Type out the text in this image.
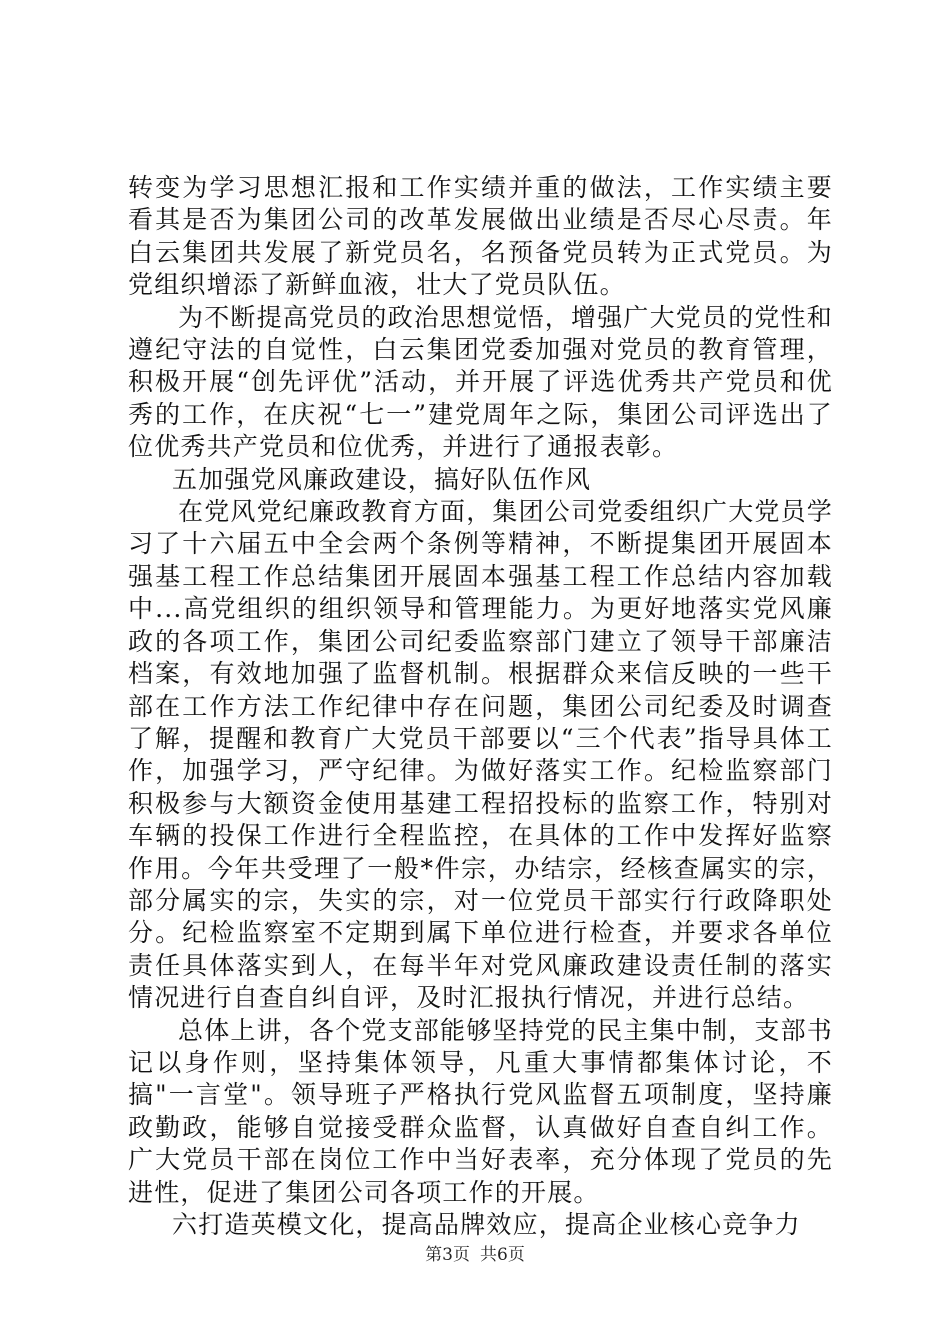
转变为学习思想汇报和工作实绩并重的做法，工作实绩主要看其是否为集团公司的改革发展做出业绩是否尽心尽责。年白云集团共发展了新党员名，名预备党员转为正式党员。为党组织增添了新鲜血液，壮大了党员队伍。

为不断提高党员的政治思想觉悟，增强广大党员的党性和遵纪守法的自觉性，白云集团党委加强对党员的教育管理，积极开展“创先评优”活动，并开展了评选优秀共产党员和优秀的工作，在庆祝“七一”建党周年之际，集团公司评选出了位优秀共产党员和位优秀，并进行了通报表彰。

五加强党风廉政建设，搞好队伍作风

在党风党纪廉政教育方面，集团公司党委组织广大党员学习了十六届五中全会两个条例等精神，不断提集团开展固本强基工程工作总结集团开展固本强基工程工作总结内容加载中...高党组织的组织领导和管理能力。为更好地落实党风廉政的各项工作，集团公司纪委监察部门建立了领导干部廉洁档案，有效地加强了监督机制。根据群众来信反映的一些干部在工作方法工作纪律中存在问题，集团公司纪委及时调查了解，提醒和教育广大党员干部要以“三个代表”指导具体工作，加强学习，严守纪律。为做好落实工作。纪检监察部门积极参与大额资金使用基建工程招投标的监察工作，特别对车辆的投保工作进行全程监控，在具体的工作中发挥好监察作用。今年共受理了一般*件宗，办结宗，经核查属实的宗，部分属实的宗，失实的宗，对一位党员干部实行行政降职处分。纪检监察室不定期到属下单位进行检查，并要求各单位责任具体落实到人，在每半年对党风廉政建设责任制的落实情况进行自查自纠自评，及时汇报执行情况，并进行总结。

总体上讲，各个党支部能够坚持党的民主集中制，支部书记以身作则，坚持集体领导，凡重大事情都集体讨论，不搞"一言堂"。领导班子严格执行党风监督五项制度，坚持廉政勤政，能够自觉接受群众监督，认真做好自查自纠工作。广大党员干部在岗位工作中当好表率，充分体现了党员的先进性，促进了集团公司各项工作的开展。

六打造英模文化，提高品牌效应，提高企业核心竞争力

第3页 共6页
